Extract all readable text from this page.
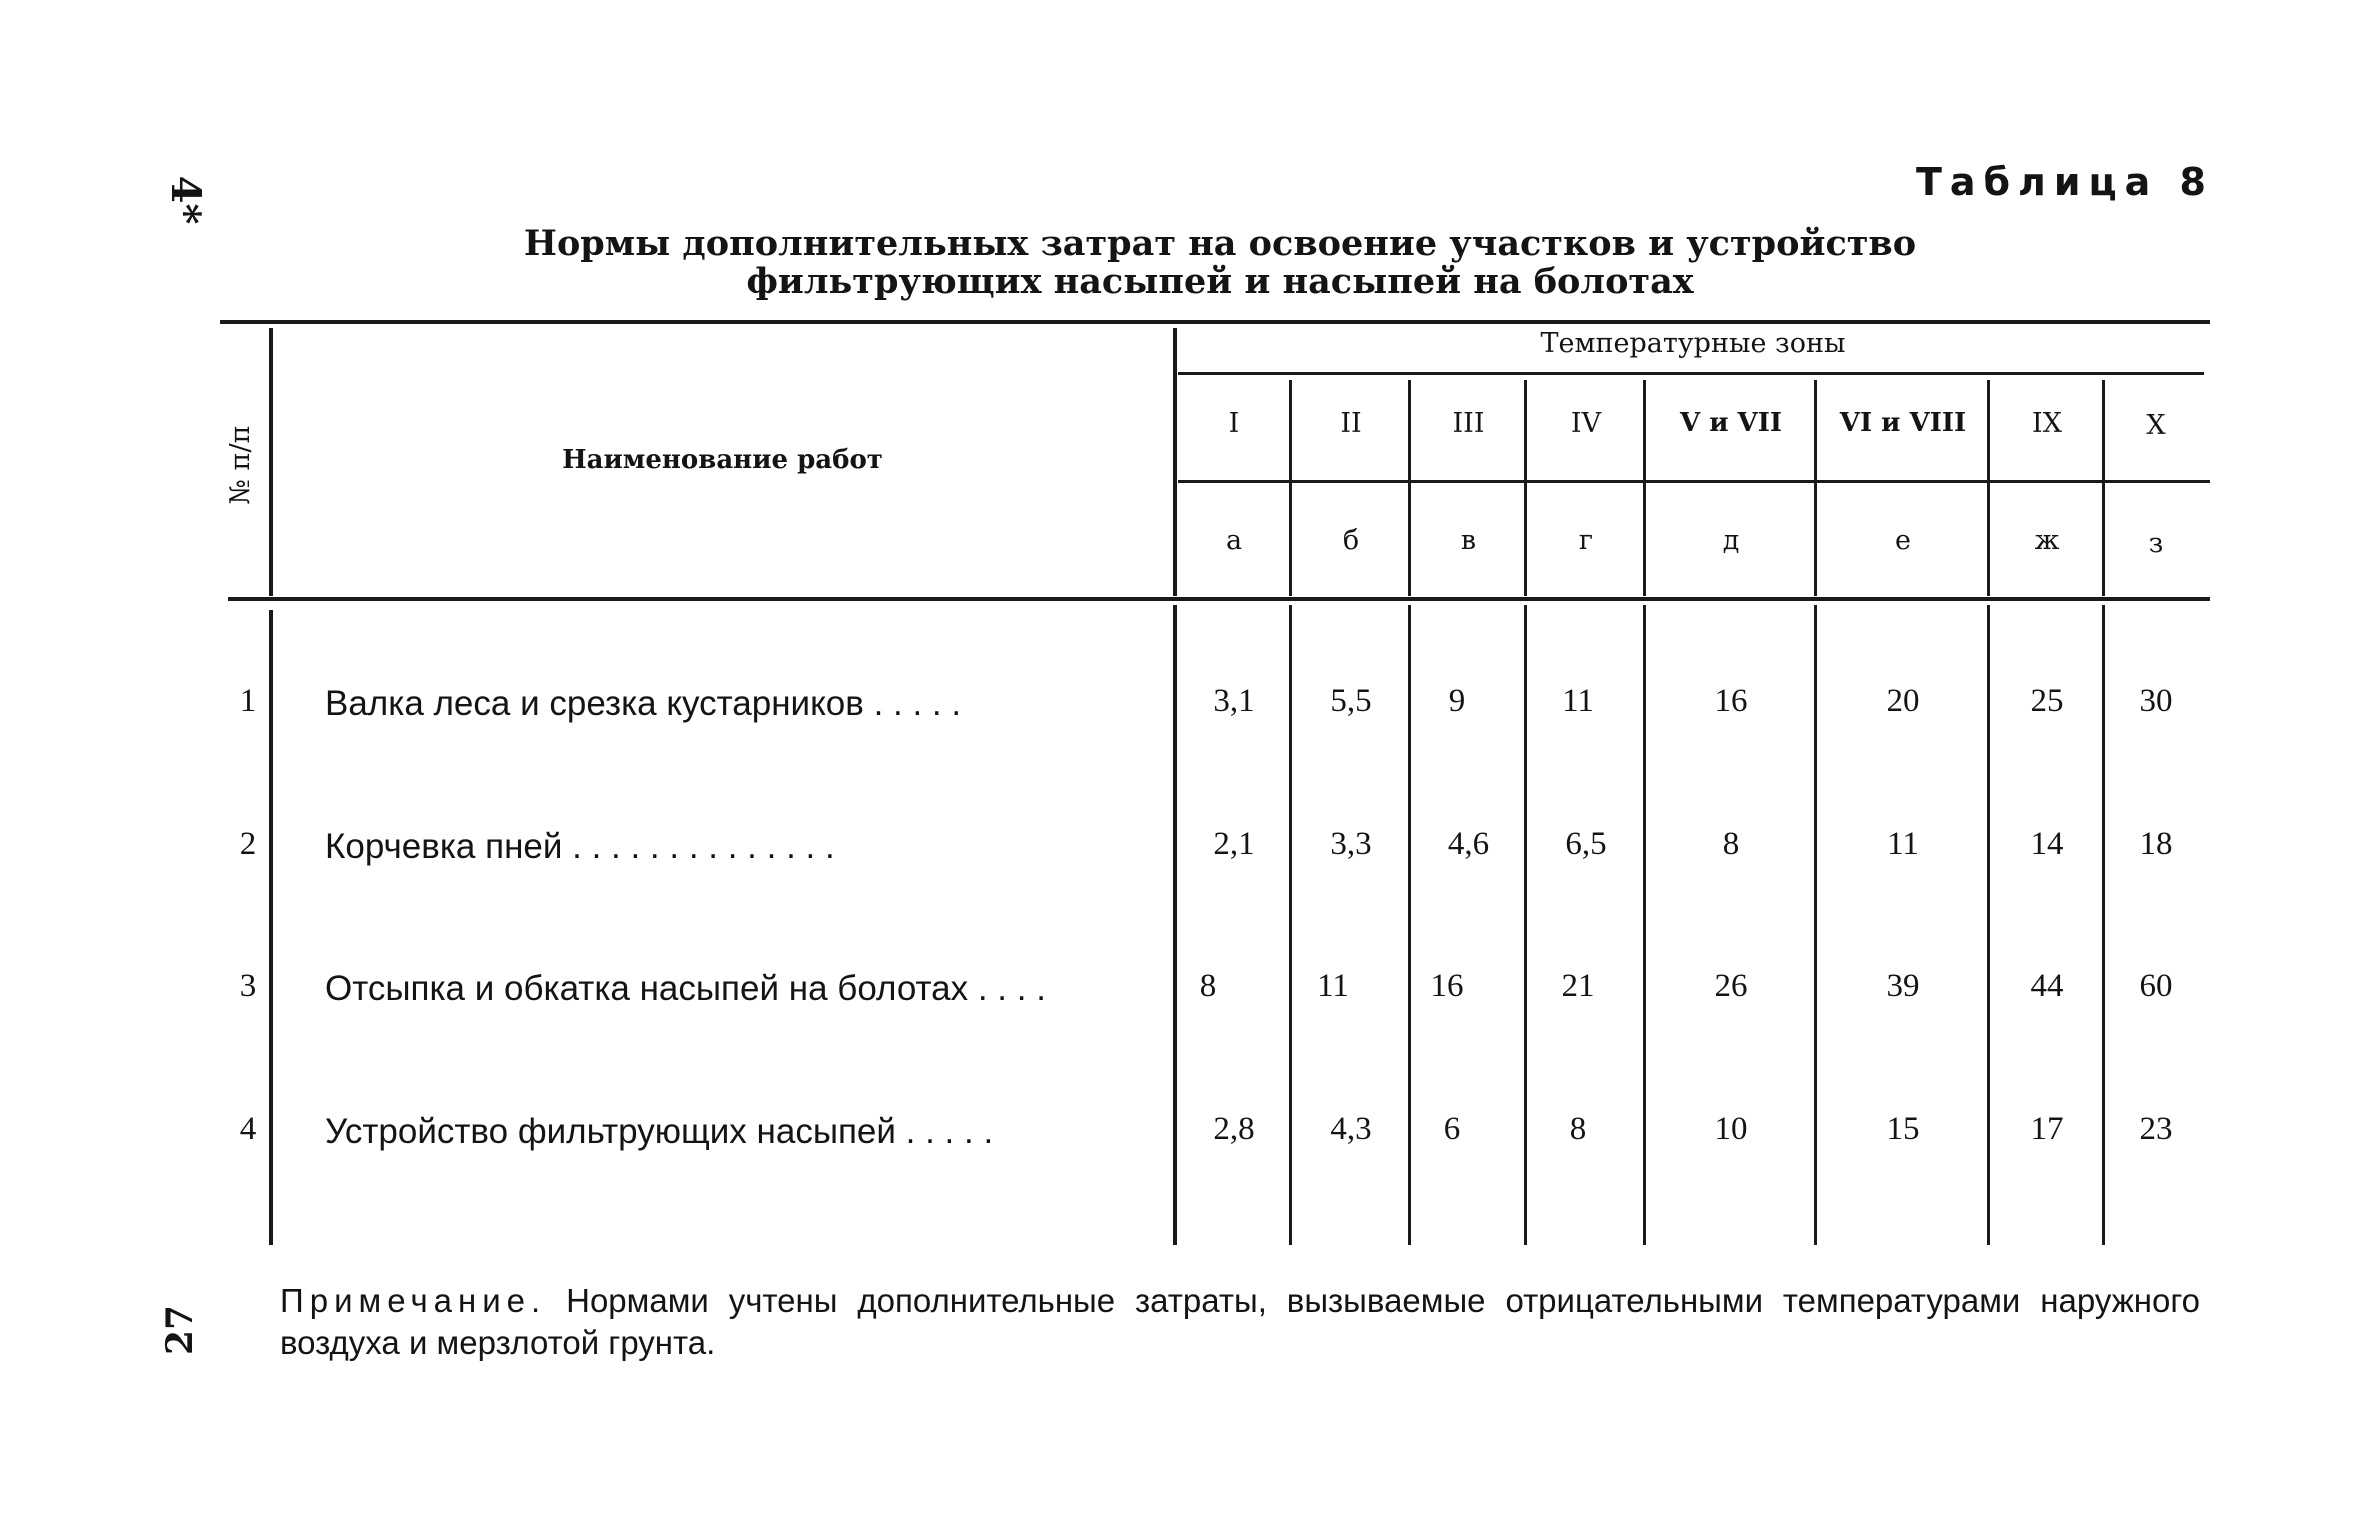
4*
27
Таблица 8
Нормы дополнительных затрат на освоение участков и устройство
фильтрующих насыпей и насыпей на болотах
№ п/п	Наименование работ
Температурные зоны
I	II	III	IV	V и VII	VI и VIII	IX	X
а	б	в	г	д	е	ж	з
1	Валка леса и срезка кустарников . . . . .	3,1	5,5	9	11	16	20	25	30
2	Корчевка пней . . . . . . . . . . . . . .	2,1	3,3	4,6	6,5	8	11	14	18
3	Отсыпка и обкатка насыпей на болотах . . . .	8	11	16	21	26	39	44	60
4	Устройство фильтрующих насыпей . . . . .	2,8	4,3	6	8	10	15	17	23
Примечание. Нормами учтены дополнительные затраты, вызываемые отрицательными температурами наружного воздуха и мерзлотой грунта.
